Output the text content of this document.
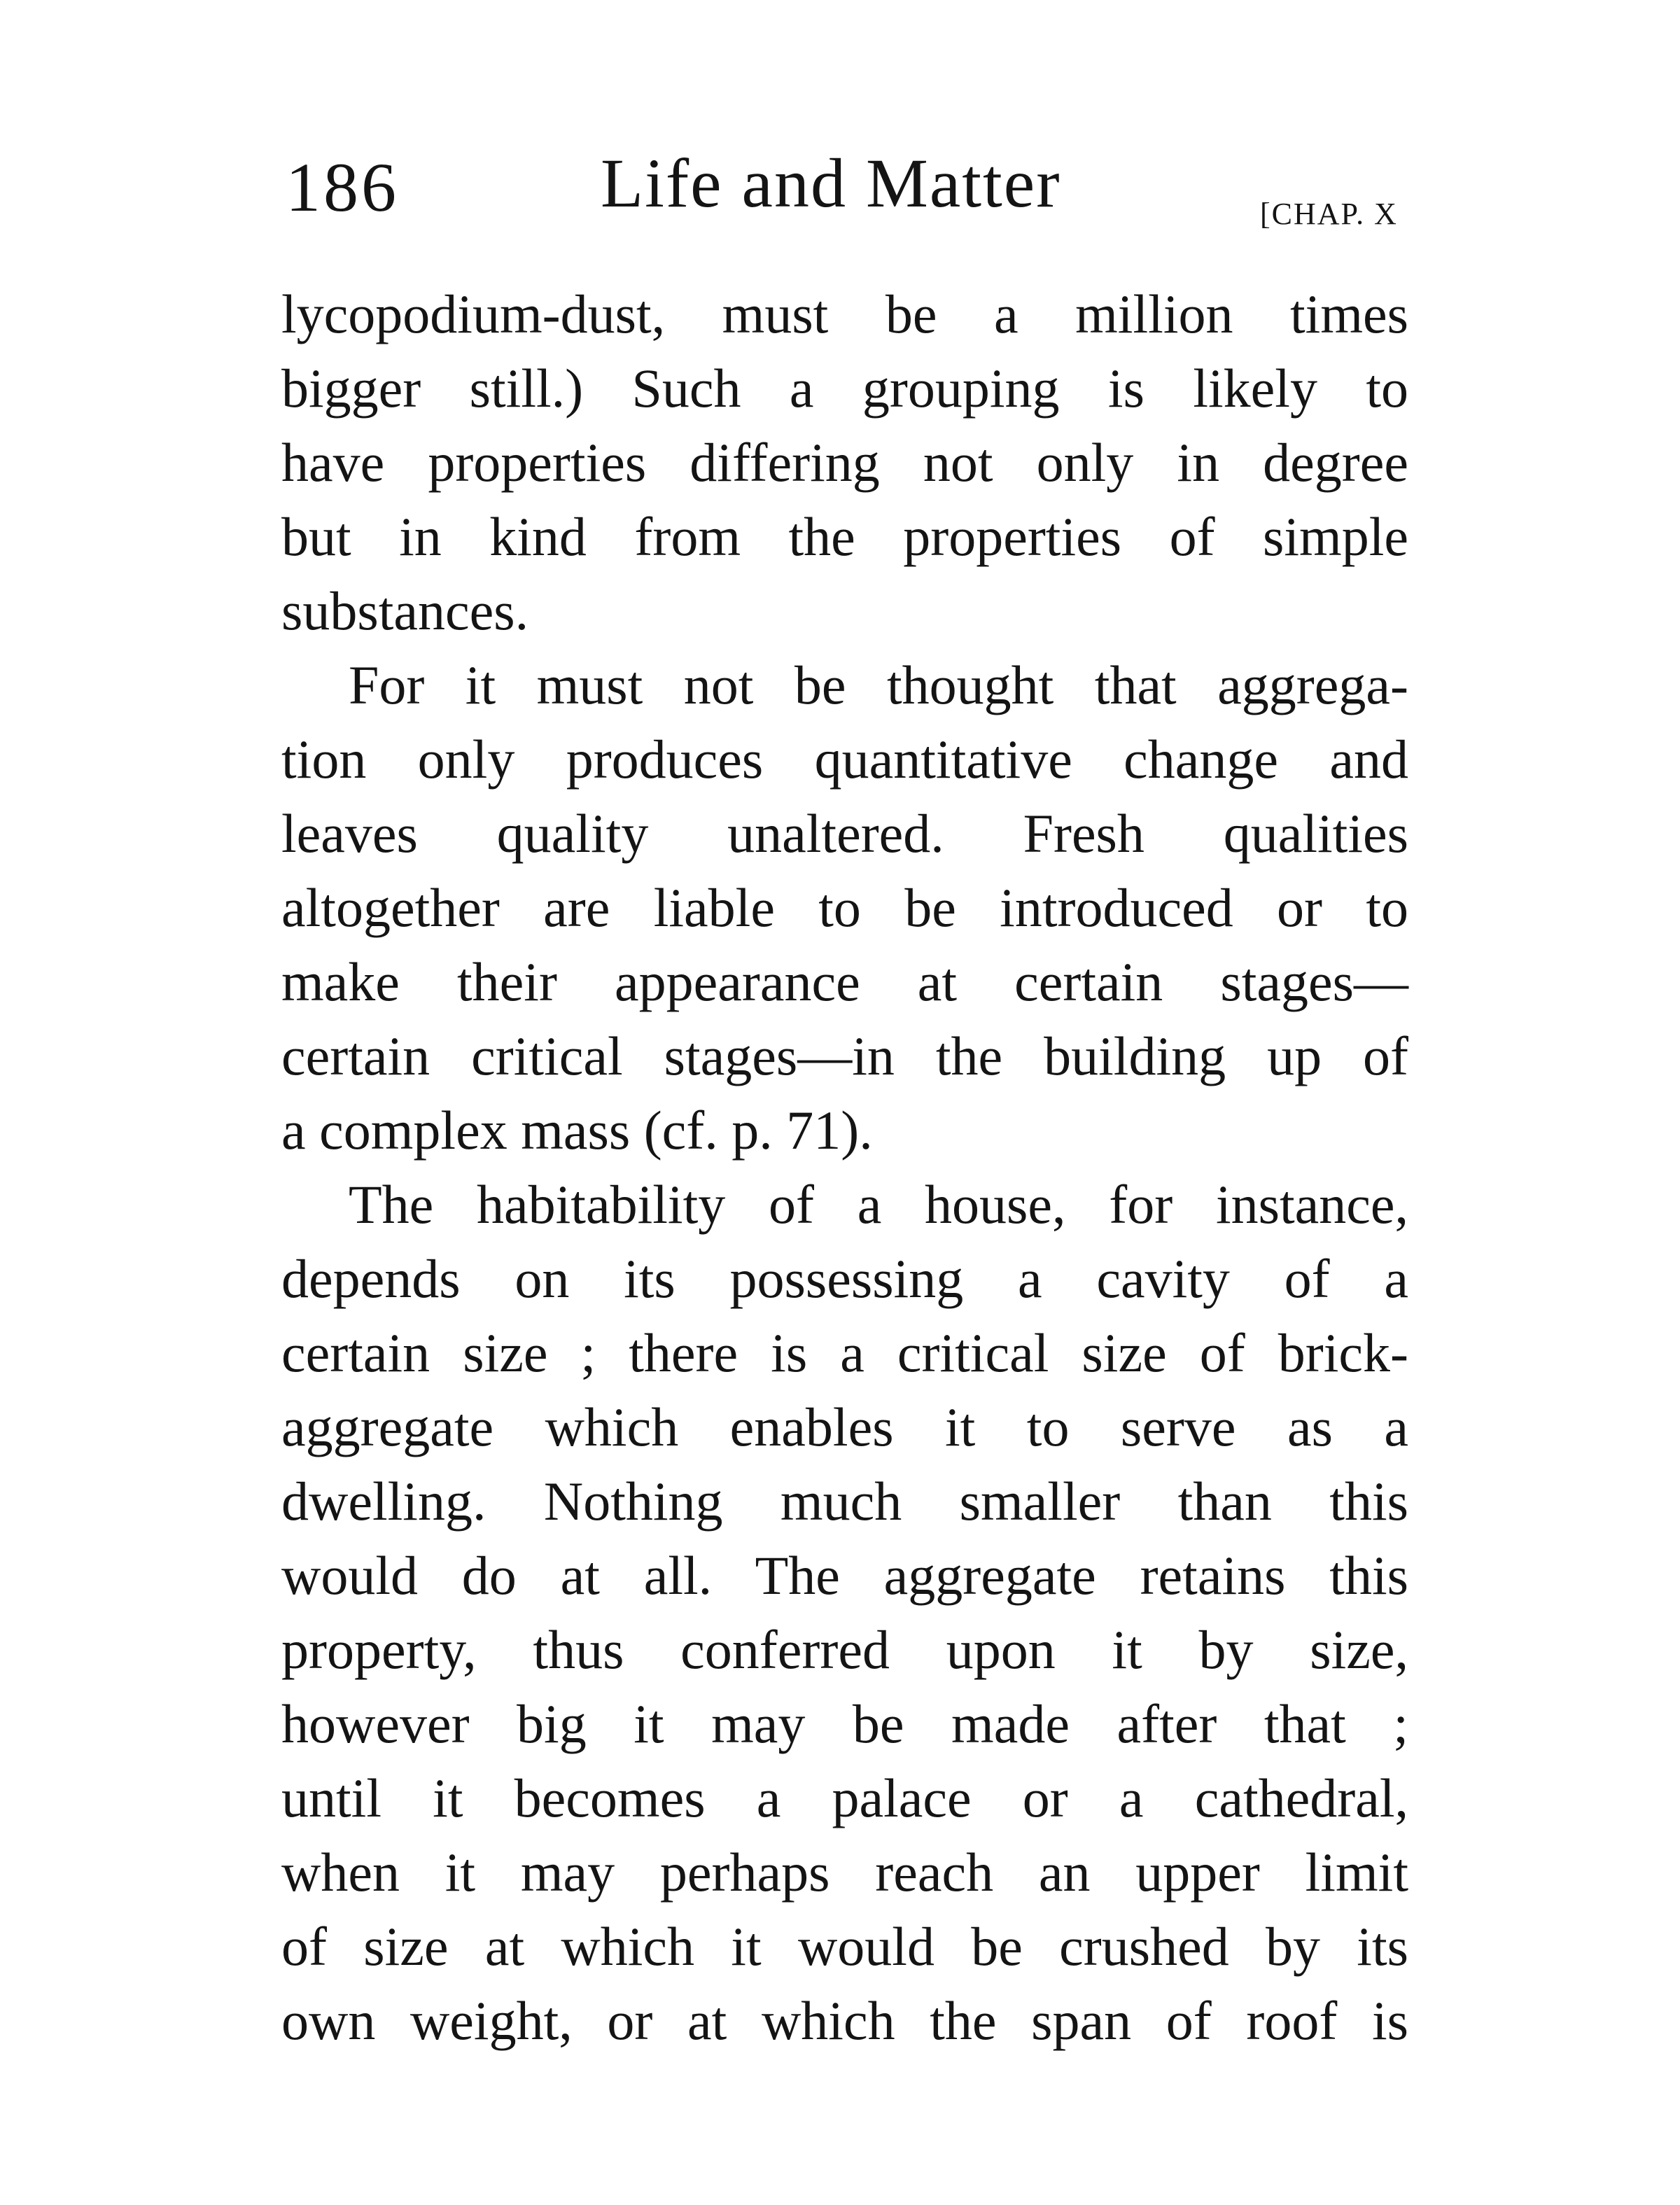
186	Life and Matter	[CHAP. X
lycopodium-dust, must be a million times
bigger still.) Such a grouping is likely to
have properties differing not only in degree
but in kind from the properties of simple
substances.
For it must not be thought that aggrega-
tion only produces quantitative change and
leaves quality unaltered. Fresh qualities
altogether are liable to be introduced or to
make their appearance at certain stages—
certain critical stages—in the building up of
a complex mass (cf. p. 71).
The habitability of a house, for instance,
depends on its possessing a cavity of a
certain size ; there is a critical size of brick-
aggregate which enables it to serve as a
dwelling. Nothing much smaller than this
would do at all. The aggregate retains this
property, thus conferred upon it by size,
however big it may be made after that ;
until it becomes a palace or a cathedral,
when it may perhaps reach an upper limit
of size at which it would be crushed by its
own weight, or at which the span of roof is
